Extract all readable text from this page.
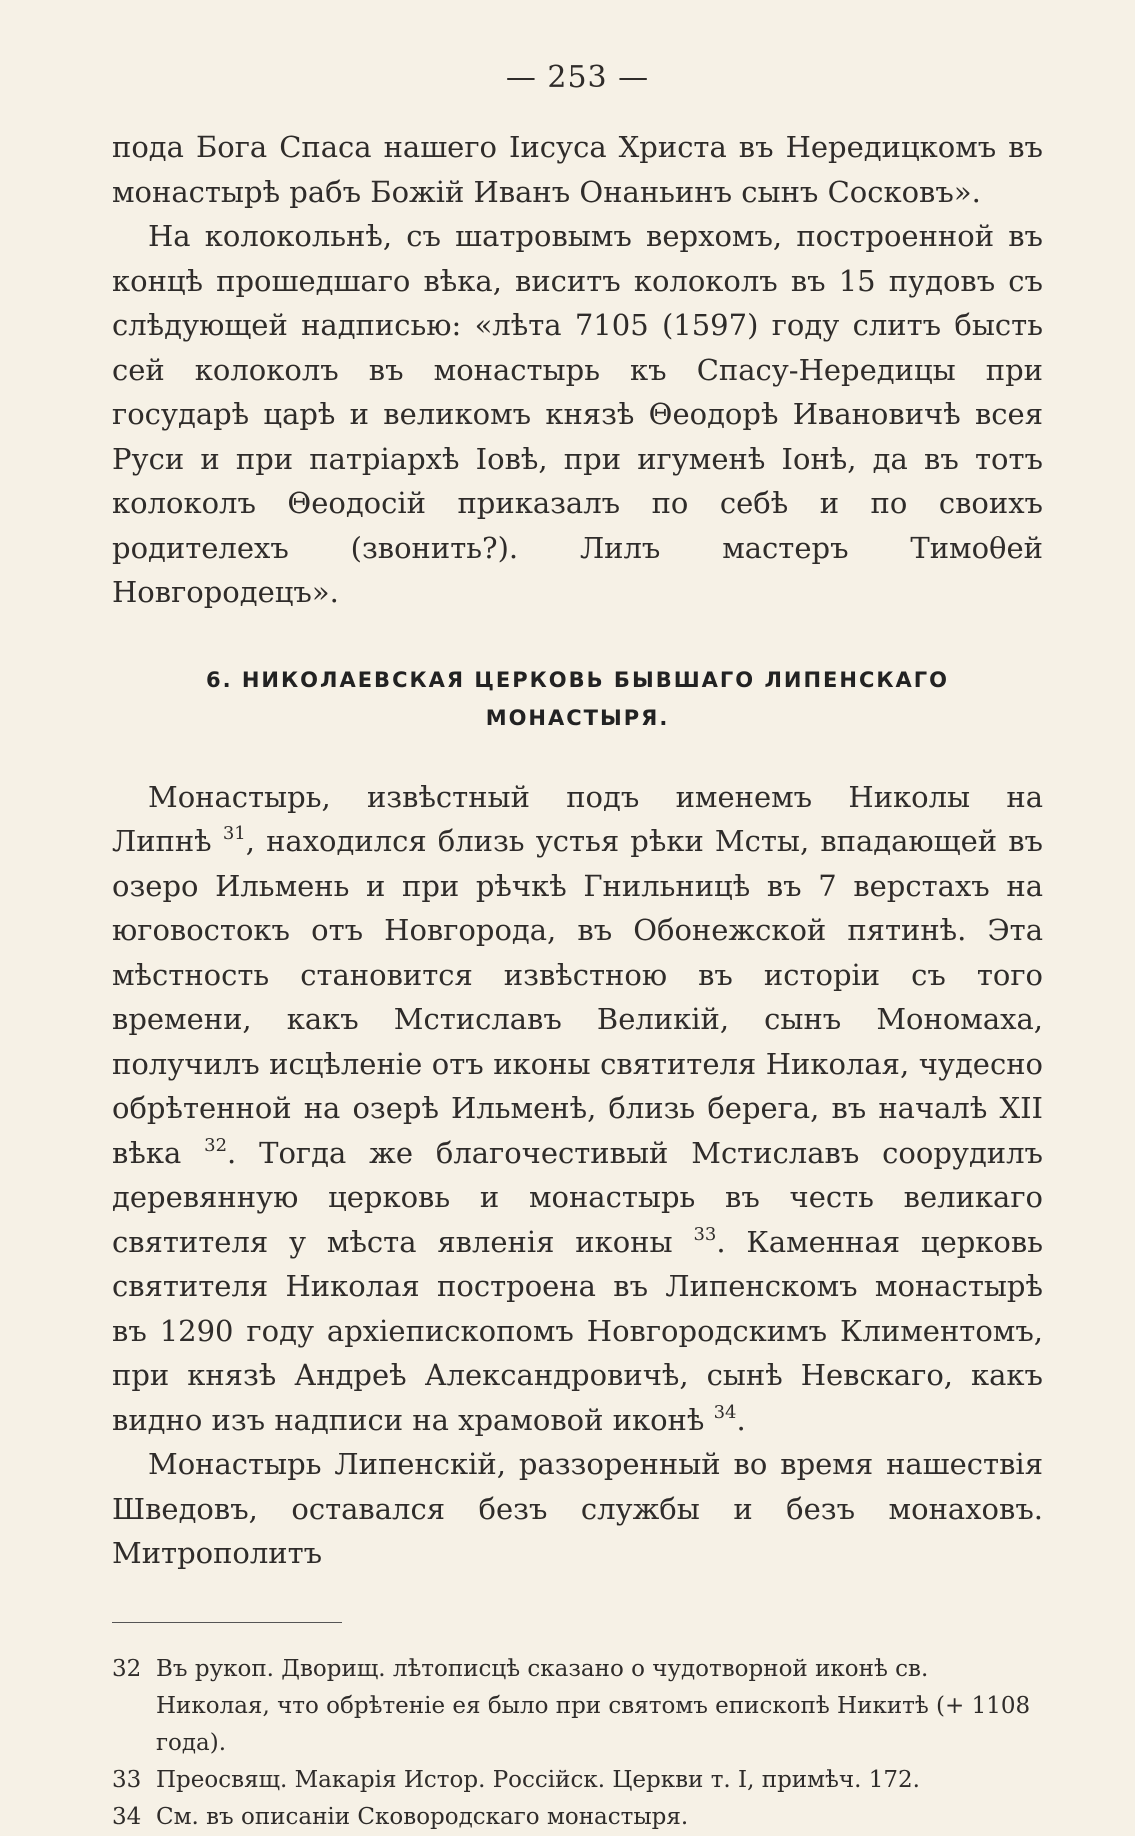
— 253 —

пода Бога Спаса нашего Іисуса Христа въ Нередицкомъ въ монастырѣ рабъ Божій Иванъ Онаньинъ сынъ Сосковъ».

На колокольнѣ, съ шатровымъ верхомъ, построенной въ концѣ прошедшаго вѣка, виситъ колоколъ въ 15 пудовъ съ слѣдующей надписью: «лѣта 7105 (1597) году слитъ бысть сей колоколъ въ монастырь къ Спасу-Нередицы при государѣ царѣ и великомъ князѣ Θеодорѣ Ивановичѣ всея Руси и при патріархѣ Іовѣ, при игуменѣ Іонѣ, да въ тотъ колоколъ Θеодосій приказалъ по себѣ и по своихъ родителехъ (звонить?). Лилъ мастеръ Тимоθей Новгородецъ».

6. НИКОЛАЕВСКАЯ ЦЕРКОВЬ БЫВШАГО ЛИПЕНСКАГО МОНАСТЫРЯ.

Монастырь, извѣстный подъ именемъ Николы на Липнѣ $^{31}$, находился близь устья рѣки Мсты, впадающей въ озеро Ильмень и при рѣчкѣ Гнильницѣ въ 7 верстахъ на юговостокъ отъ Новгорода, въ Обонежской пятинѣ. Эта мѣстность становится извѣстною въ исторіи съ того времени, какъ Мстиславъ Великій, сынъ Мономаха, получилъ исцѣленіе отъ иконы святителя Николая, чудесно обрѣтенной на озерѣ Ильменѣ, близь берега, въ началѣ XII вѣка $^{32}$. Тогда же благочестивый Мстиславъ соорудилъ деревянную церковь и монастырь въ честь великаго святителя у мѣста явленія иконы $^{33}$. Каменная церковь святителя Николая построена въ Липенскомъ монастырѣ въ 1290 году архіепископомъ Новгородскимъ Климентомъ, при князѣ Андреѣ Александровичѣ, сынѣ Невскаго, какъ видно изъ надписи на храмовой иконѣ $^{34}$.

Монастырь Липенскій, раззоренный во время нашествія Шведовъ, оставался безъ службы и безъ монаховъ. Митрополитъ

32 Въ рукоп. Дворищ. лѣтописцѣ сказано о чудотворной иконѣ св. Николая, что обрѣтеніе ея было при святомъ епископѣ Никитѣ (+ 1108 года).

33 Преосвящ. Макарія Истор. Россійск. Церкви т. I, примѣч. 172.

34 См. въ описаніи Сковородскаго монастыря.
